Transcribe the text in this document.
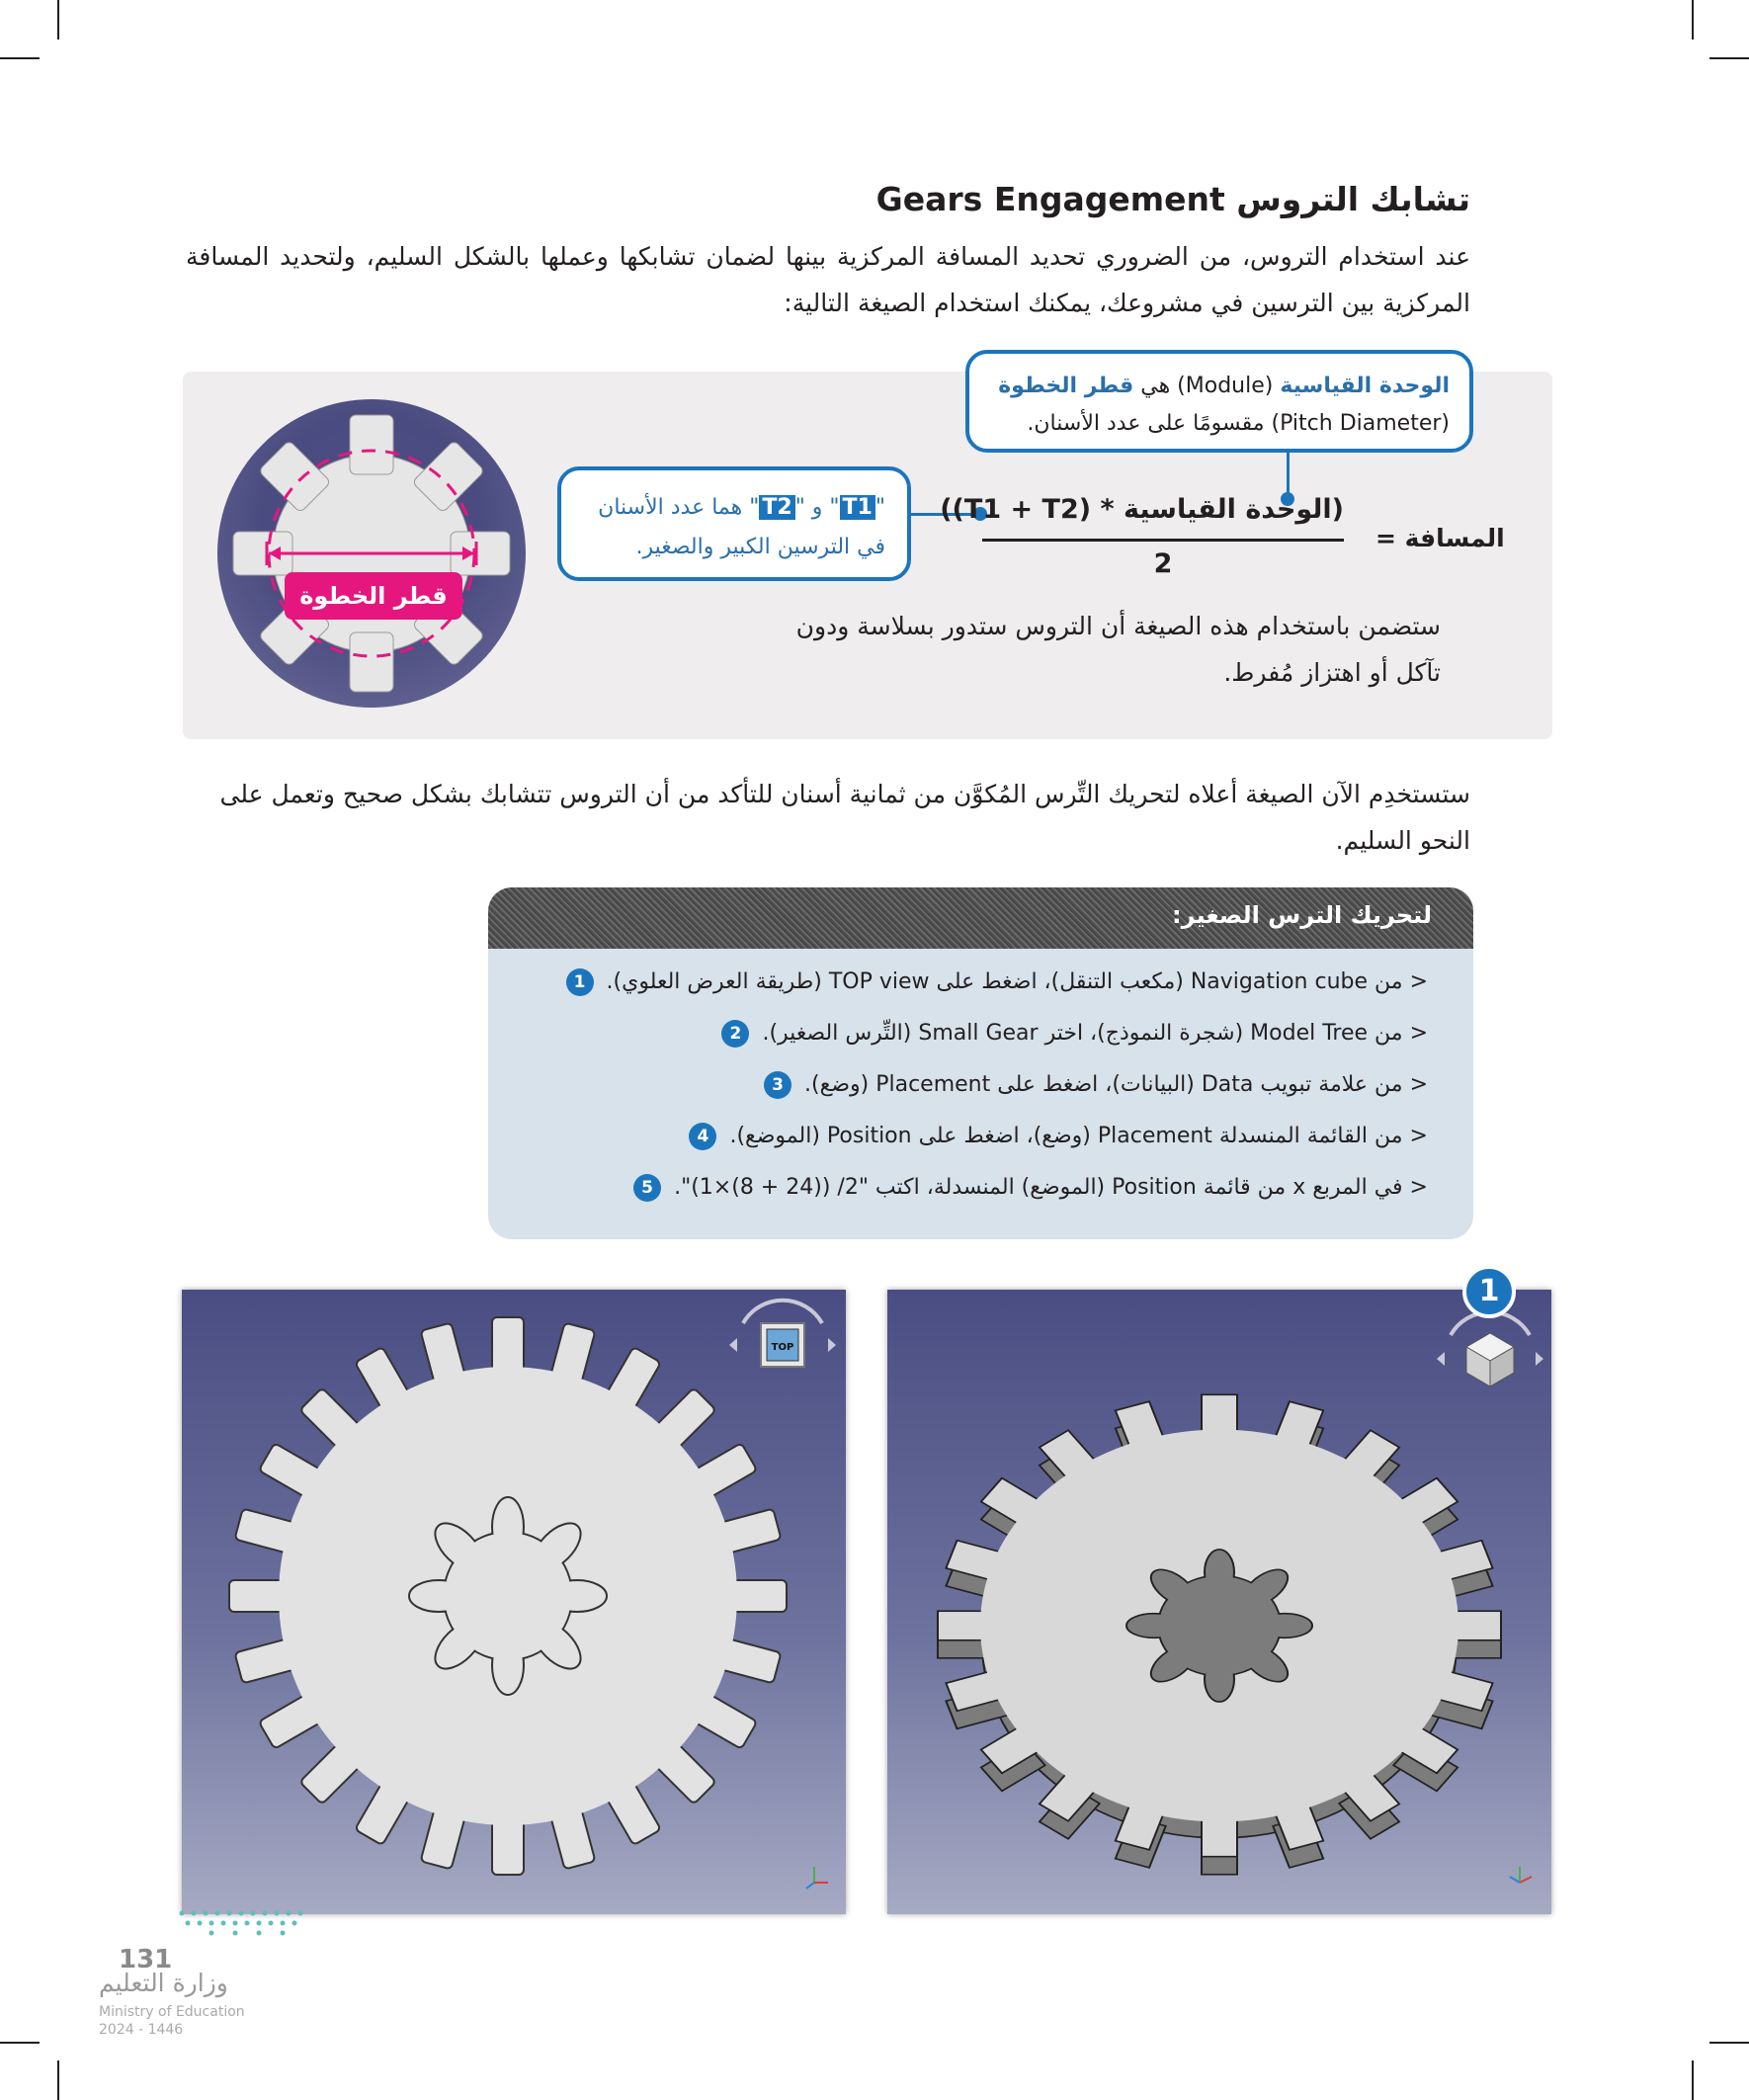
تشابك التروس Gears Engagement
عند استخدام التروس، من الضروري تحديد المسافة المركزية بينها لضمان تشابكها وعملها بالشكل السليم، ولتحديد المسافة المركزية بين الترسين في مشروعك، يمكنك استخدام الصيغة التالية:
قطر الخطوة
الوحدة القياسية (Module) هي قطر الخطوة
(Pitch Diameter) مقسومًا على عدد الأسنان.
"T1" و "T2" هما عدد الأسنان
في الترسين الكبير والصغير.	المسافة =
(الوحدة القياسية * (T1 + T2))
2
ستضمن باستخدام هذه الصيغة أن التروس ستدور بسلاسة ودون تآكل أو اهتزاز مُفرط.
ستستخدِم الآن الصيغة أعلاه لتحريك التِّرس المُكوَّن من ثمانية أسنان للتأكد من أن التروس تتشابك بشكل صحيح وتعمل على النحو السليم.
لتحريك الترس الصغير:
< من Navigation cube (مكعب التنقل)، اضغط على TOP view (طريقة العرض العلوي). 1
< من Model Tree (شجرة النموذج)، اختر Small Gear (التِّرس الصغير). 2
< من علامة تبويب Data (البيانات)، اضغط على Placement (وضع). 3
< من القائمة المنسدلة Placement (وضع)، اضغط على Position (الموضع). 4
< في المربع x من قائمة Position (الموضع) المنسدلة، اكتب "2/ ((24 + 8)×1)". 5
TOP
1
131
وزارة التعليم
Ministry of Education
2024 - 1446
